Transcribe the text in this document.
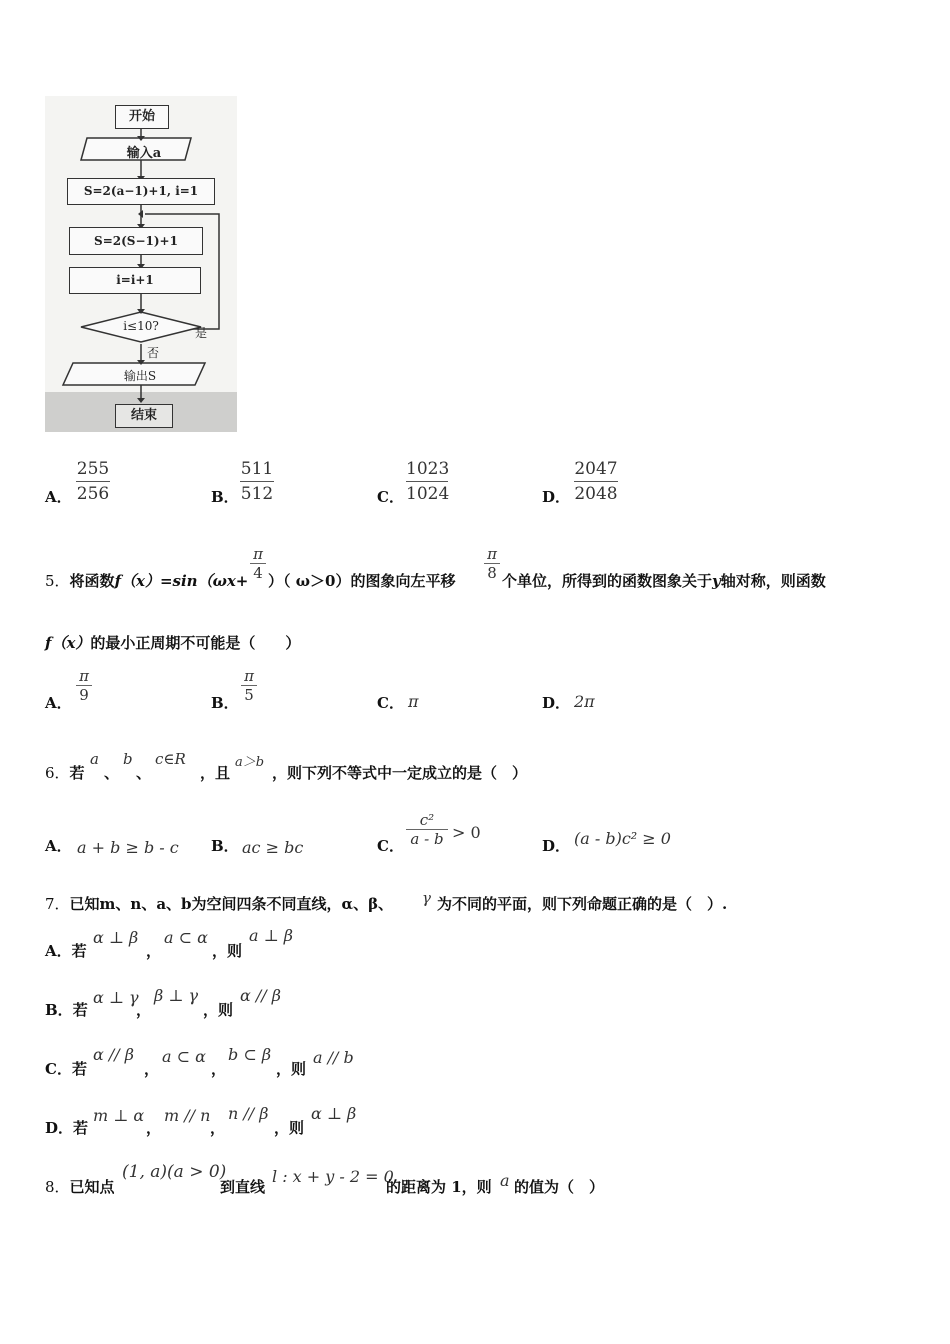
开始
输入a
S=2(a−1)+1, i=1
S=2(S−1)+1
i=i+1
i≤10?	是
否
输出S
结束
A．
255
256	B．
511
512	C．
1023
1024	D．
2047
2048
5．将函数f（x）=sin（ωx+
π
4 ）（ ω＞0）的图象向左平移
π
8 个单位，所得到的函数图象关于y轴对称，则函数
f（x）的最小正周期不可能是（　　）
A．
π
9	B．
π
5	C． π	D． 2π
6．若
a
、
b
、
c∈R
，且
a＞b
，则下列不等式中一定成立的是（　）
A． a + b ≥ b - c B． ac ≥ bc	C．
c²
a - b > 0
D． (a - b)c² ≥ 0
7．已知m、n、a、b为空间四条不同直线，α、β、 γ 为不同的平面，则下列命题正确的是（　）.
A．若
α ⊥ β
，
a ⊂ α
，则
a ⊥ β
B．若
α ⊥ γ
，
β ⊥ γ
，则
α // β
C．若
α // β
，
a ⊂ α
，
b ⊂ β
，则
a // b
D．若
m ⊥ α
，
m // n
，
n // β
，则
α ⊥ β
8．已知点
(1, a)(a > 0)
到直线
l : x + y - 2 = 0
的距离为 1，则 a 的值为（　）
